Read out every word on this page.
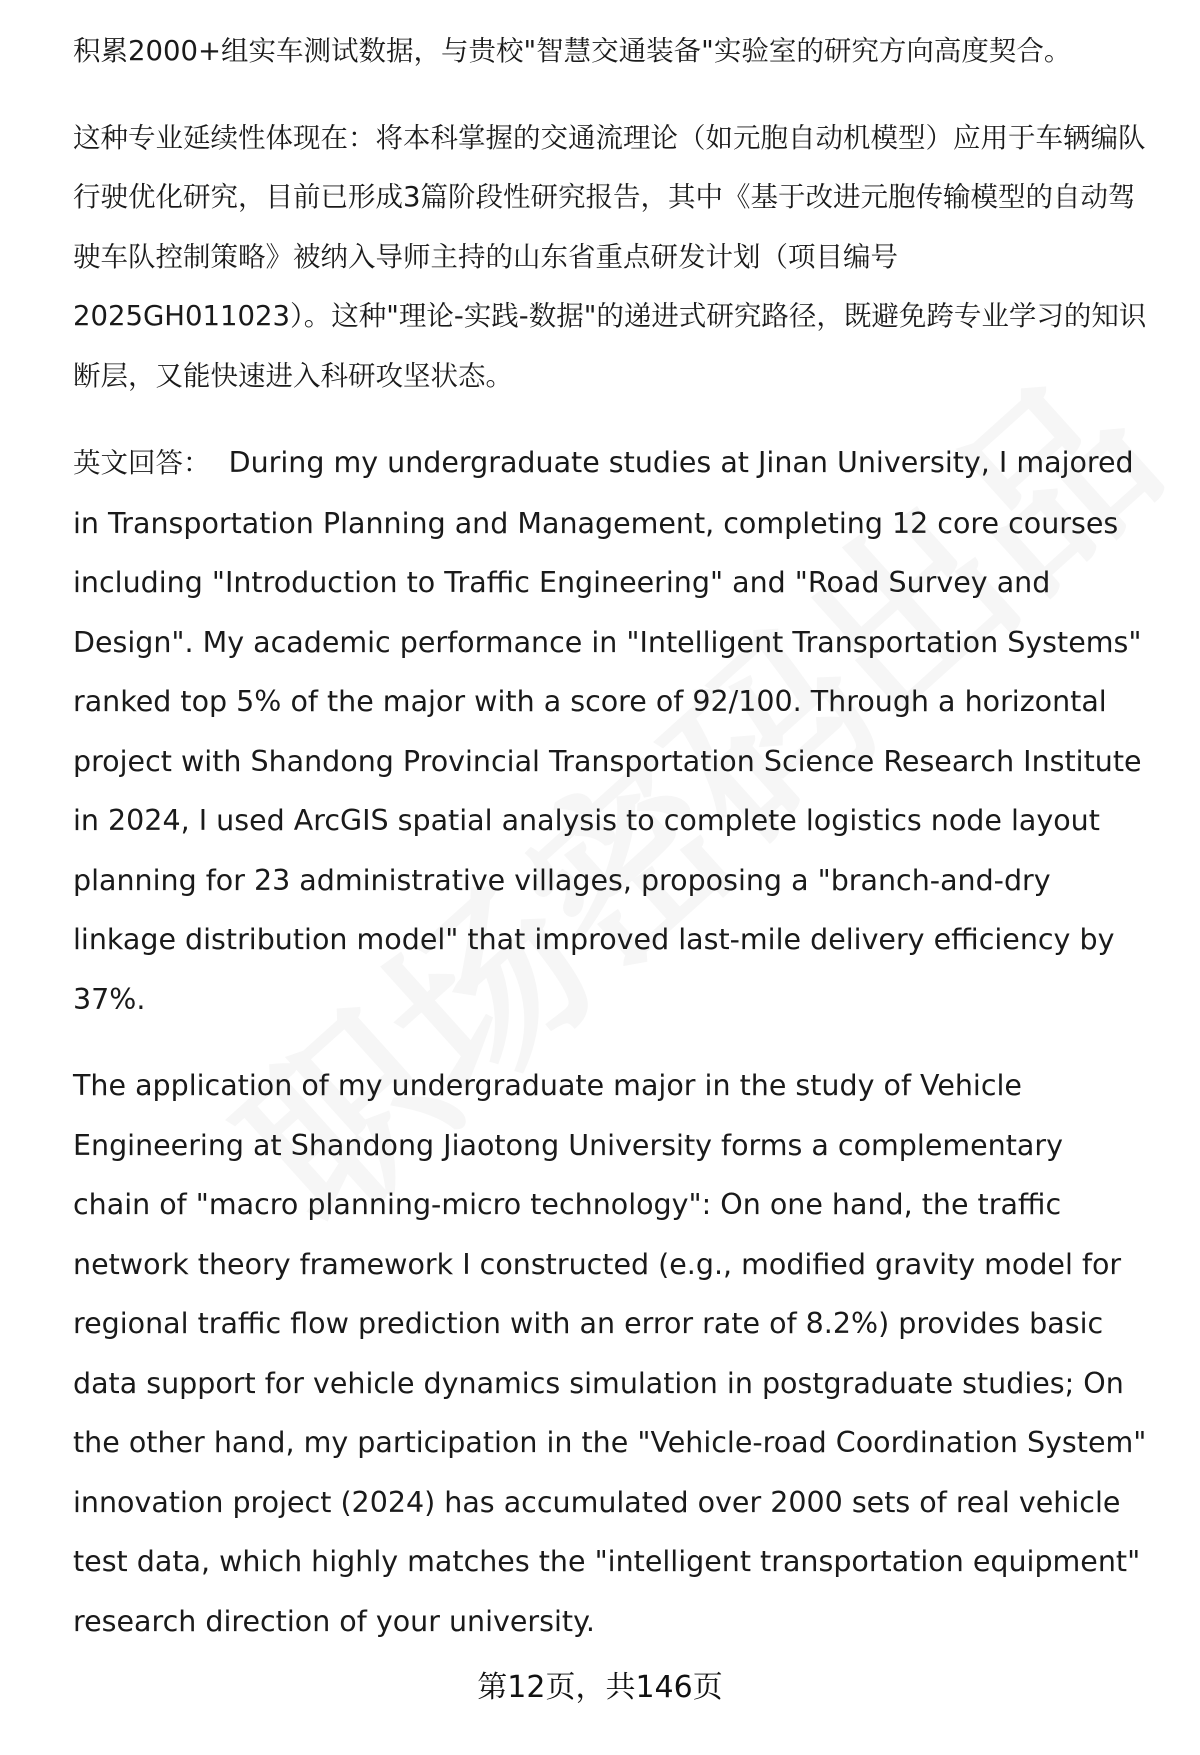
积累2000+组实车测试数据，与贵校"智慧交通装备"实验室的研究方向高度契合。

这种专业延续性体现在：将本科掌握的交通流理论（如元胞自动机模型）应用于车辆编队行驶优化研究，目前已形成3篇阶段性研究报告，其中《基于改进元胞传输模型的自动驾驶车队控制策略》被纳入导师主持的山东省重点研发计划（项目编号2025GH011023）。这种"理论-实践-数据"的递进式研究路径，既避免跨专业学习的知识断层，又能快速进入科研攻坚状态。

英文回答： During my undergraduate studies at Jinan University, I majored in Transportation Planning and Management, completing 12 core courses including "Introduction to Traffic Engineering" and "Road Survey and Design". My academic performance in "Intelligent Transportation Systems" ranked top 5% of the major with a score of 92/100. Through a horizontal project with Shandong Provincial Transportation Science Research Institute in 2024, I used ArcGIS spatial analysis to complete logistics node layout planning for 23 administrative villages, proposing a "branch-and-dry linkage distribution model" that improved last-mile delivery efficiency by 37%.

The application of my undergraduate major in the study of Vehicle Engineering at Shandong Jiaotong University forms a complementary chain of "macro planning-micro technology": On one hand, the traffic network theory framework I constructed (e.g., modified gravity model for regional traffic flow prediction with an error rate of 8.2%) provides basic data support for vehicle dynamics simulation in postgraduate studies; On the other hand, my participation in the "Vehicle-road Coordination System" innovation project (2024) has accumulated over 2000 sets of real vehicle test data, which highly matches the "intelligent transportation equipment" research direction of your university.

第12页，共146页
